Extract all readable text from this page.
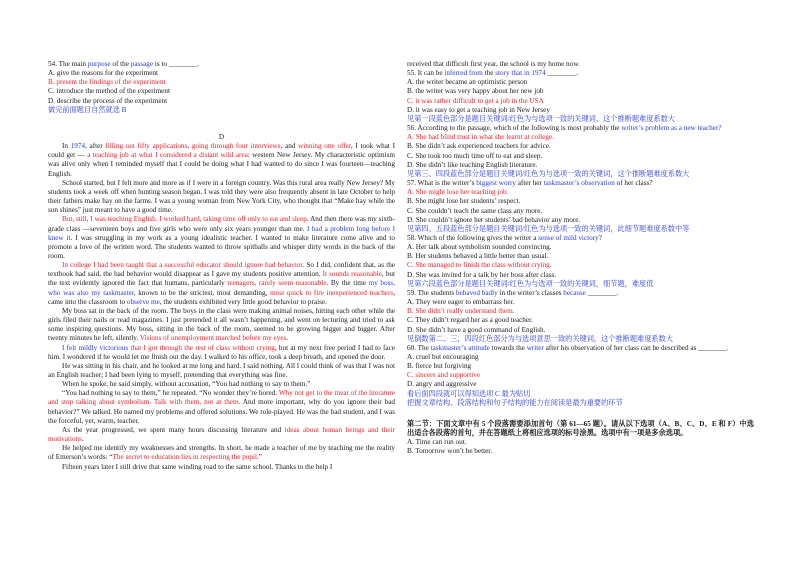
54. The main purpose of the passage is to ________.

A. give the reasons for the experiment

B. present the findings of the experiment

C. introduce the method of the experiment

D. describe the process of the experiment

做完前面题目自然就选 B

D

In 1974, after filling out fifty applications, going through four interviews, and winning one offer, I took what I could get — a teaching job at what I considered a distant wild area: western New Jersey. My characteristic optimism was alive only when I reminded myself that I could be doing what I had wanted to do since I was fourteen—teaching English.

School started, but I felt more and more as if I were in a foreign country. Was this rural area really New Jersey? My students took a week off when hunting season began. I was told they were also frequently absent in late October to help their fathers make hay on the farms. I was a young woman from New York City, who thought that “Make hay while the sun shines” just meant to have a good time.

But, still, I was teaching English. I worked hard, taking time off only to eat and sleep. And then there was my sixth-grade class —seventeen boys and five girls who were only six years younger than me. I had a problem long before I knew it. I was struggling in my work as a young idealistic teacher. I wanted to make literature come alive and to promote a love of the written word. The students wanted to throw spitballs and whisper dirty words in the back of the room.

In college I had been taught that a successful educator should ignore bad behavior. So I did, confident that, as the textbook had said, the bad behavior would disappear as I gave my students positive attention. It sounds reasonable, but the text evidently ignored the fact that humans, particularly teenagers, rarely seem reasonable. By the time my boss, who was also my taskmaster, known to be the strictest, most demanding, most quick to fire inexperienced teachers, came into the classroom to observe me, the students exhibited very little good behavior to praise.

My boss sat in the back of the room. The boys in the class were making animal noises, hitting each other while the girls filed their nails or read magazines. I just pretended it all wasn’t happening, and went on lecturing and tried to ask some inspiring questions. My boss, sitting in the back of the room, seemed to be growing bigger and bigger. After twenty minutes he left, silently. Visions of unemployment marched before my eyes.

I felt mildly victorious that I got through the rest of class without crying, but at my next free period I had to face him. I wondered if he would let me finish out the day. I walked to his office, took a deep breath, and opened the door.

He was sitting in his chair, and he looked at me long and hard. I said nothing. All I could think of was that I was not an English teacher; I had been lying to myself, pretending that everything was fine.

When he spoke, he said simply, without accusation, “You had nothing to say to them.”

“You had nothing to say to them,” he repeated. “No wonder they’re bored. Why not get to the meat of the literature and stop talking about symbolism. Talk with them, not at them. And more important, why do you ignore their bad behavior?” We talked. He named my problems and offered solutions. We role-played. He was the bad student, and I was the forceful, yet, warm, teacher.

As the year progressed, we spent many hours discussing literature and ideas about human beings and their motivations.

He helped me identify my weaknesses and strengths. In short, he made a teacher of me by teaching me the reality of Emerson’s words: “The secret to education lies in respecting the pupil.”

Fifteen years later I still drive that same winding road to the same school. Thanks to the help I

received that difficult first year, the school is my home now.

55. It can be inferred from the story that in 1974 ________.

A. the writer became an optimistic person

B. the writer was very happy about her new job

C. it was rather difficult to get a job in the USA

D. it was easy to get a teaching job in New Jersey

见第一段蓝色部分是题目关键词/红色为与选项一致的关键词，这个推断题难度系数大

56. According to the passage, which of the following is most probably the writer’s problem as a new teacher?

A. She had blind trust in what she learnt at college.

B. She didn’t ask experienced teachers for advice.

C. She took too much time off to eat and sleep.

D. She didn’t like teaching English literature.

见第三、四段蓝色部分是题目关键词/红色为与选项一致的关键词，这个推断题难度系数大

57. What is the writer’s biggest worry after her taskmaster’s observation of her class?

A. She might lose her teaching job.

B. She might lose her students’ respect.

C. She couldn’t teach the same class any more.

D. She couldn’t ignore her students’ bad behavior any more.

见第四、五段蓝色部分是题目关键词/红色为与选项一致的关键词，此细节题难度系数中等

58. Which of the following gives the writer a sense of mild victory?

A. Her talk about symbolism sounded convincing.

B. Her students behaved a little better than usual.

C. She managed to finish the class without crying.

D. She was invited for a talk by her boss after class.

见第六段蓝色部分是题目关键词/红色为与选项一致的关键词，细节题，难度低

59. The students behaved badly in the writer’s classes because ________.

A. They were eager to embarrass her.

B. She didn’t really understand them.

C. They didn’t regard her as a good teacher.

D. She didn’t have a good command of English.

见倒数第二、三，四段红色部分为与选项意思一致的关键词，这个推断题难度系数大

60. The taskmaster’s attitude towards the writer after his observation of her class can be described as ________.

A. cruel but encouraging

B. fierce but forgiving

C. sincere and supportive

D. angry and aggressive

看后面四段就可以得知选项 C 最为贴切

把握文章结构、段落结构和句子结构的能力在阅读是最为重要的环节

第二节：下面文章中有 5 个段落需要添加首句（第 61—65 题）。请从以下选项（A、B、C、D、E 和 F）中选出适合各段落的首句，并在答题纸上将相应选项的标号涂黑。选项中有一项是多余选项。

A. Time can run out.

B. Tomorrow won’t be better.
